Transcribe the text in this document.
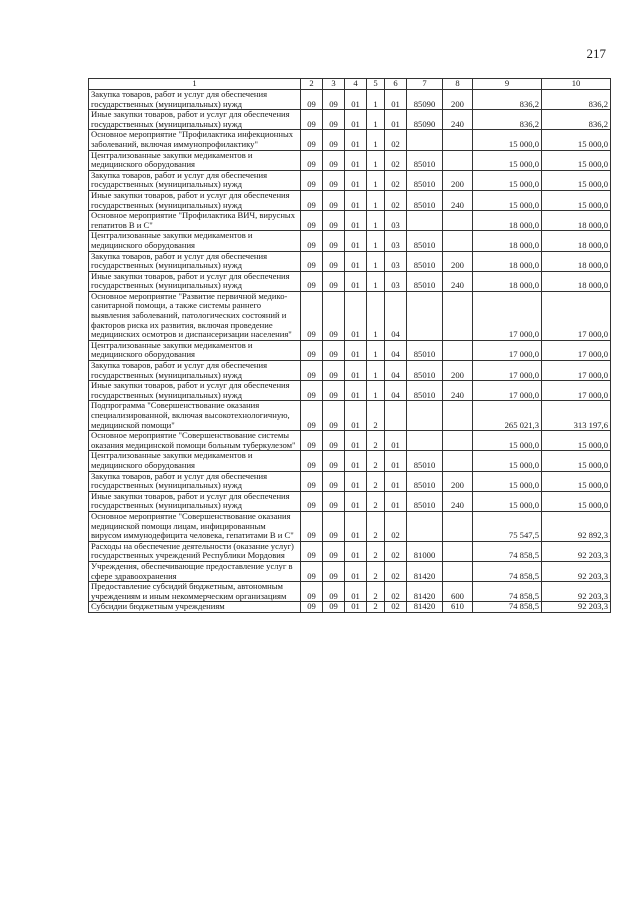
217
1	2	3	4	5	6	7	8	9	10
Закупка товаров, работ и услуг для обеспечения государственных (муниципальных) нужд	09	09	01	1	01	85090	200	836,2	836,2
Иные закупки товаров, работ и услуг для обеспечения государственных (муниципальных) нужд	09	09	01	1	01	85090	240	836,2	836,2
Основное мероприятие "Профилактика инфекционных заболеваний, включая иммунопрофилактику"	09	09	01	1	02			15 000,0	15 000,0
Централизованные закупки медикаментов и медицинского оборудования	09	09	01	1	02	85010		15 000,0	15 000,0
Закупка товаров, работ и услуг для обеспечения государственных (муниципальных) нужд	09	09	01	1	02	85010	200	15 000,0	15 000,0
Иные закупки товаров, работ и услуг для обеспечения государственных (муниципальных) нужд	09	09	01	1	02	85010	240	15 000,0	15 000,0
Основное мероприятие "Профилактика ВИЧ, вирусных гепатитов В и С"	09	09	01	1	03			18 000,0	18 000,0
Централизованные закупки медикаментов и медицинского оборудования	09	09	01	1	03	85010		18 000,0	18 000,0
Закупка товаров, работ и услуг для обеспечения государственных (муниципальных) нужд	09	09	01	1	03	85010	200	18 000,0	18 000,0
Иные закупки товаров, работ и услуг для обеспечения государственных (муниципальных) нужд	09	09	01	1	03	85010	240	18 000,0	18 000,0
Основное мероприятие "Развитие первичной медико-санитарной помощи, а также системы раннего выявления заболеваний, патологических состояний и факторов риска их развития, включая проведение медицинских осмотров и диспансеризации населения"	09	09	01	1	04			17 000,0	17 000,0
Централизованные закупки медикаментов и медицинского оборудования	09	09	01	1	04	85010		17 000,0	17 000,0
Закупка товаров, работ и услуг для обеспечения государственных (муниципальных) нужд	09	09	01	1	04	85010	200	17 000,0	17 000,0
Иные закупки товаров, работ и услуг для обеспечения государственных (муниципальных) нужд	09	09	01	1	04	85010	240	17 000,0	17 000,0
Подпрограмма "Совершенствование оказания специализированной, включая высокотехнологичную, медицинской помощи"	09	09	01	2				265 021,3	313 197,6
Основное мероприятие "Совершенствование системы оказания медицинской помощи больным туберкулезом"	09	09	01	2	01			15 000,0	15 000,0
Централизованные закупки медикаментов и медицинского оборудования	09	09	01	2	01	85010		15 000,0	15 000,0
Закупка товаров, работ и услуг для обеспечения государственных (муниципальных) нужд	09	09	01	2	01	85010	200	15 000,0	15 000,0
Иные закупки товаров, работ и услуг для обеспечения государственных (муниципальных) нужд	09	09	01	2	01	85010	240	15 000,0	15 000,0
Основное мероприятие "Совершенствование оказания медицинской помощи лицам, инфицированным вирусом иммунодефицита человека, гепатитами В и С"	09	09	01	2	02			75 547,5	92 892,3
Расходы на обеспечение деятельности (оказание услуг) государственных учреждений Республики Мордовия	09	09	01	2	02	81000		74 858,5	92 203,3
Учреждения, обеспечивающие предоставление услуг в сфере здравоохранения	09	09	01	2	02	81420		74 858,5	92 203,3
Предоставление субсидий бюджетным, автономным учреждениям и иным некоммерческим организациям	09	09	01	2	02	81420	600	74 858,5	92 203,3
Субсидии бюджетным учреждениям	09	09	01	2	02	81420	610	74 858,5	92 203,3
